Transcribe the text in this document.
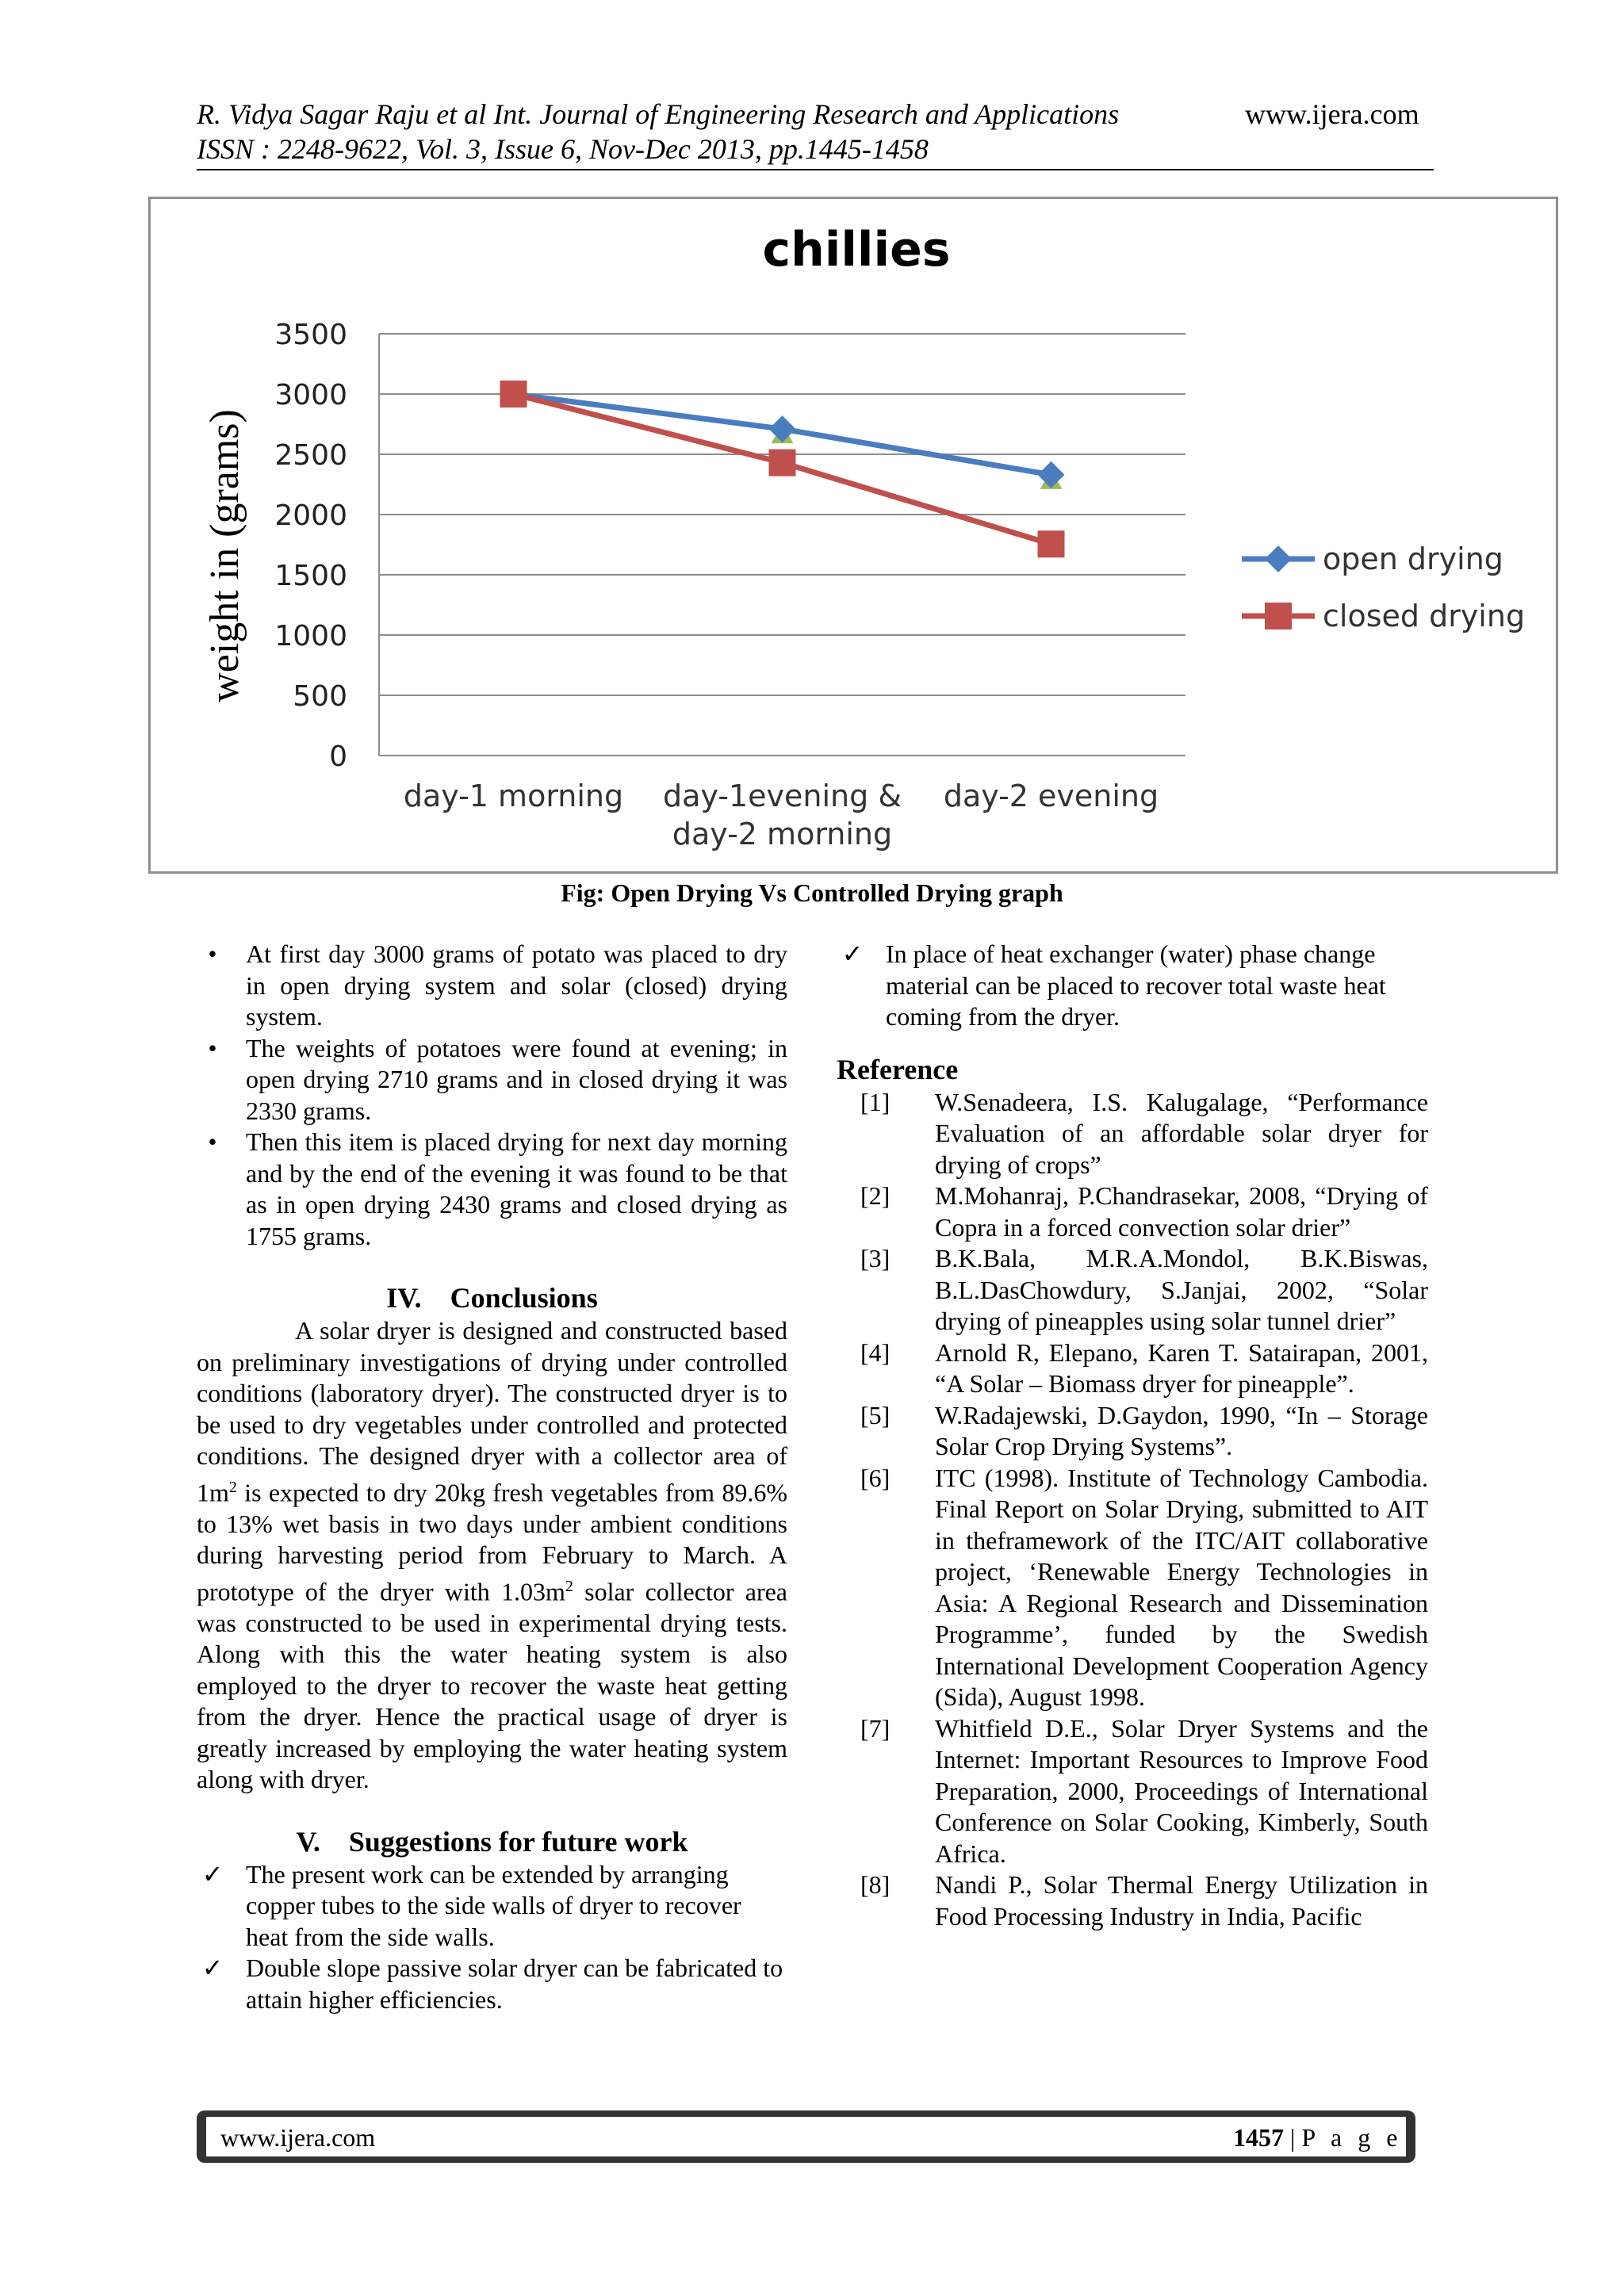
R. Vidya Sagar Raju et al Int. Journal of Engineering Research and Applications
ISSN : 2248-9622, Vol. 3, Issue 6, Nov-Dec 2013, pp.1445-1458
www.ijera.com
chillies
0
500
1000
1500
2000
2500
3000
3500
day-1 morning day-1evening &
day-2 morning
day-2 evening
weight in (grams)	open drying
closed drying
Fig: Open Drying Vs Controlled Drying graph
•	At first day 3000 grams of potato was placed to dry in open drying system and solar (closed) drying system.
•	The weights of potatoes were found at evening; in open drying 2710 grams and in closed drying it was 2330 grams.
•	Then this item is placed drying for next day morning and by the end of the evening it was found to be that as in open drying 2430 grams and closed drying as 1755 grams.
IV. Conclusions

A solar dryer is designed and constructed based on preliminary investigations of drying under controlled conditions (laboratory dryer). The constructed dryer is to be used to dry vegetables under controlled and protected conditions. The designed dryer with a collector area of $1m^2$ is expected to dry 20kg fresh vegetables from 89.6% to 13% wet basis in two days under ambient conditions during harvesting period from February to March. A prototype of the dryer with $1.03m^2$ solar collector area was constructed to be used in experimental drying tests. Along with this the water heating system is also employed to the dryer to recover the waste heat getting from the dryer. Hence the practical usage of dryer is greatly increased by employing the water heating system along with dryer.

V. Suggestions for future work
✓ The present work can be extended by arranging copper tubes to the side walls of dryer to recover heat from the side walls.
✓ Double slope passive solar dryer can be fabricated to attain higher efficiencies.
✓ In place of heat exchanger (water) phase change material can be placed to recover total waste heat coming from the dryer.
Reference
[1] W.Senadeera, I.S. Kalugalage, “Performance Evaluation of an affordable solar dryer for drying of crops”
[2] M.Mohanraj, P.Chandrasekar, 2008, “Drying of Copra in a forced convection solar drier”
[3] B.K.Bala, M.R.A.Mondol, B.K.Biswas, B.L.DasChowdury, S.Janjai, 2002, “Solar drying of pineapples using solar tunnel drier”
[4] Arnold R, Elepano, Karen T. Satairapan, 2001, “A Solar – Biomass dryer for pineapple”.
[5] W.Radajewski, D.Gaydon, 1990, “In – Storage Solar Crop Drying Systems”.
[6] ITC (1998). Institute of Technology Cambodia. Final Report on Solar Drying, submitted to AIT in theframework of the ITC/AIT collaborative project, ‘Renewable Energy Technologies in Asia: A Regional Research and Dissemination Programme’, funded by the Swedish International Development Cooperation Agency (Sida), August 1998.
[7] Whitfield D.E., Solar Dryer Systems and the Internet: Important Resources to Improve Food Preparation, 2000, Proceedings of International Conference on Solar Cooking, Kimberly, South Africa.
[8] Nandi P., Solar Thermal Energy Utilization in Food Processing Industry in India, Pacific
www.ijera.com	1457 | P a g e
